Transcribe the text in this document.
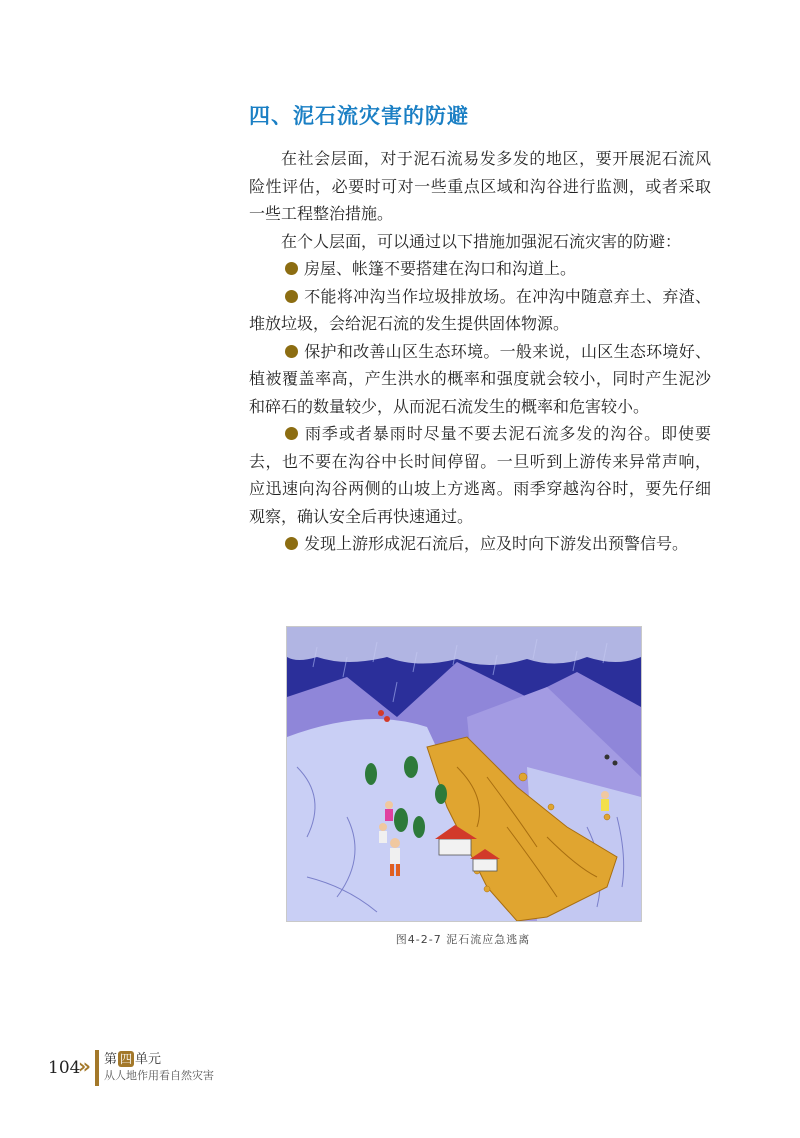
四、泥石流灾害的防避

在社会层面，对于泥石流易发多发的地区，要开展泥石流风险性评估，必要时可对一些重点区域和沟谷进行监测，或者采取一些工程整治措施。

在个人层面，可以通过以下措施加强泥石流灾害的防避：

房屋、帐篷不要搭建在沟口和沟道上。

不能将冲沟当作垃圾排放场。在冲沟中随意弃土、弃渣、堆放垃圾，会给泥石流的发生提供固体物源。

保护和改善山区生态环境。一般来说，山区生态环境好、植被覆盖率高，产生洪水的概率和强度就会较小，同时产生泥沙和碎石的数量较少，从而泥石流发生的概率和危害较小。

雨季或者暴雨时尽量不要去泥石流多发的沟谷。即使要去，也不要在沟谷中长时间停留。一旦听到上游传来异常声响，应迅速向沟谷两侧的山坡上方逃离。雨季穿越沟谷时，要先仔细观察，确认安全后再快速通过。

发现上游形成泥石流后，应及时向下游发出预警信号。

图4-2-7 泥石流应急逃离
104
» 第 四 单元
从人地作用看自然灾害
